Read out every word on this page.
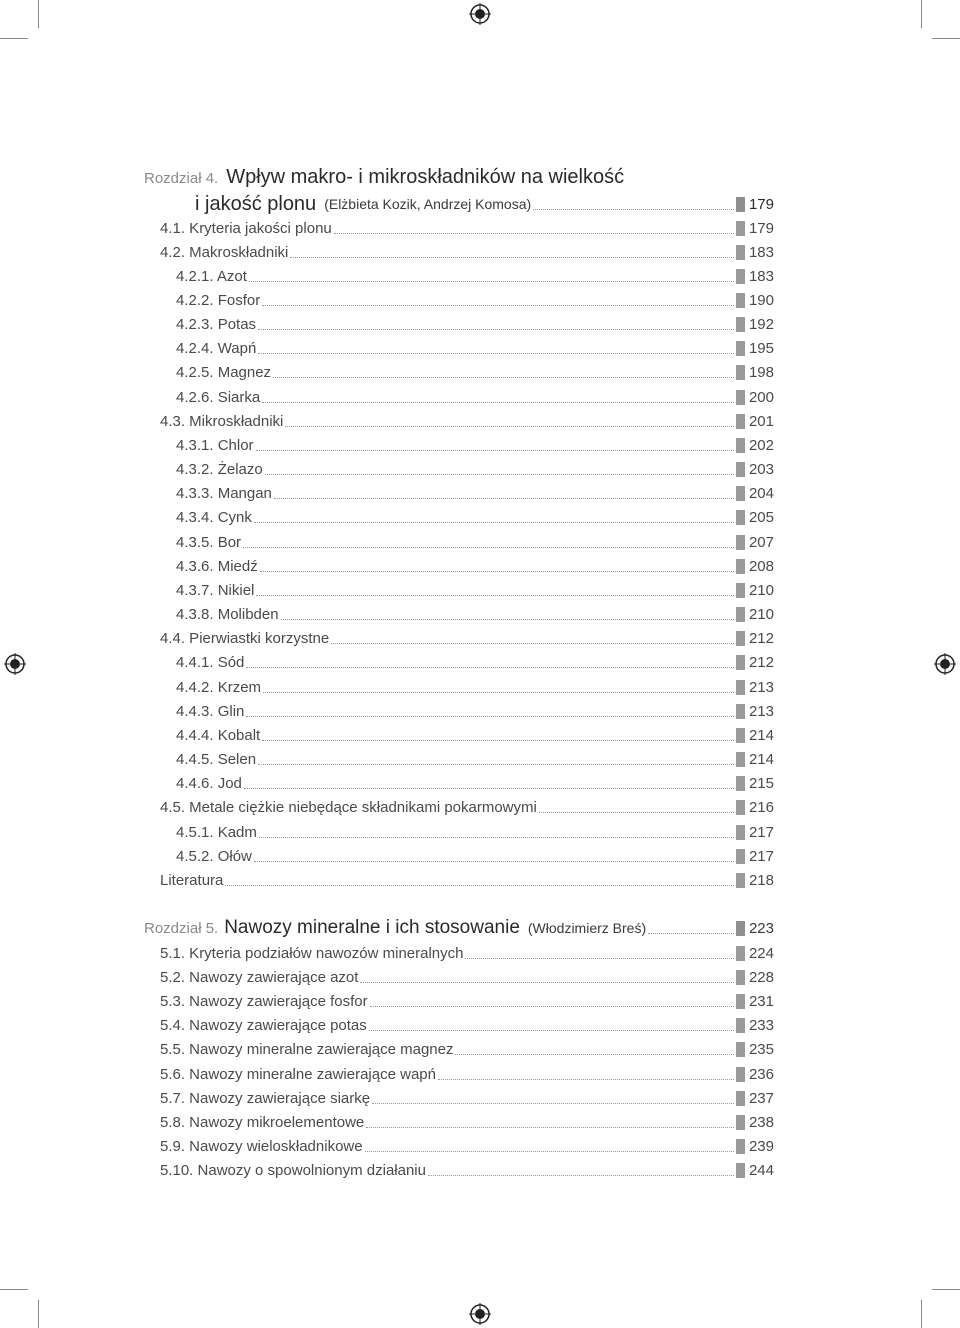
Rozdział 4. Wpływ makro- i mikroskładników na wielkość
i jakość plonu (Elżbieta Kozik, Andrzej Komosa)	179
4.1. Kryteria jakości plonu	179
4.2. Makroskładniki	183
4.2.1. Azot	183
4.2.2. Fosfor	190
4.2.3. Potas	192
4.2.4. Wapń	195
4.2.5. Magnez	198
4.2.6. Siarka	200
4.3. Mikroskładniki	201
4.3.1. Chlor	202
4.3.2. Żelazo	203
4.3.3. Mangan	204
4.3.4. Cynk	205
4.3.5. Bor	207
4.3.6. Miedź	208
4.3.7. Nikiel	210
4.3.8. Molibden	210
4.4. Pierwiastki korzystne	212
4.4.1. Sód	212
4.4.2. Krzem	213
4.4.3. Glin	213
4.4.4. Kobalt	214
4.4.5. Selen	214
4.4.6. Jod	215
4.5. Metale ciężkie niebędące składnikami pokarmowymi	216
4.5.1. Kadm	217
4.5.2. Ołów	217
Literatura	218
Rozdział 5. Nawozy mineralne i ich stosowanie (Włodzimierz Breś)	223
5.1. Kryteria podziałów nawozów mineralnych	224
5.2. Nawozy zawierające azot	228
5.3. Nawozy zawierające fosfor	231
5.4. Nawozy zawierające potas	233
5.5. Nawozy mineralne zawierające magnez	235
5.6. Nawozy mineralne zawierające wapń	236
5.7. Nawozy zawierające siarkę	237
5.8. Nawozy mikroelementowe	238
5.9. Nawozy wieloskładnikowe	239
5.10. Nawozy o spowolnionym działaniu	244
